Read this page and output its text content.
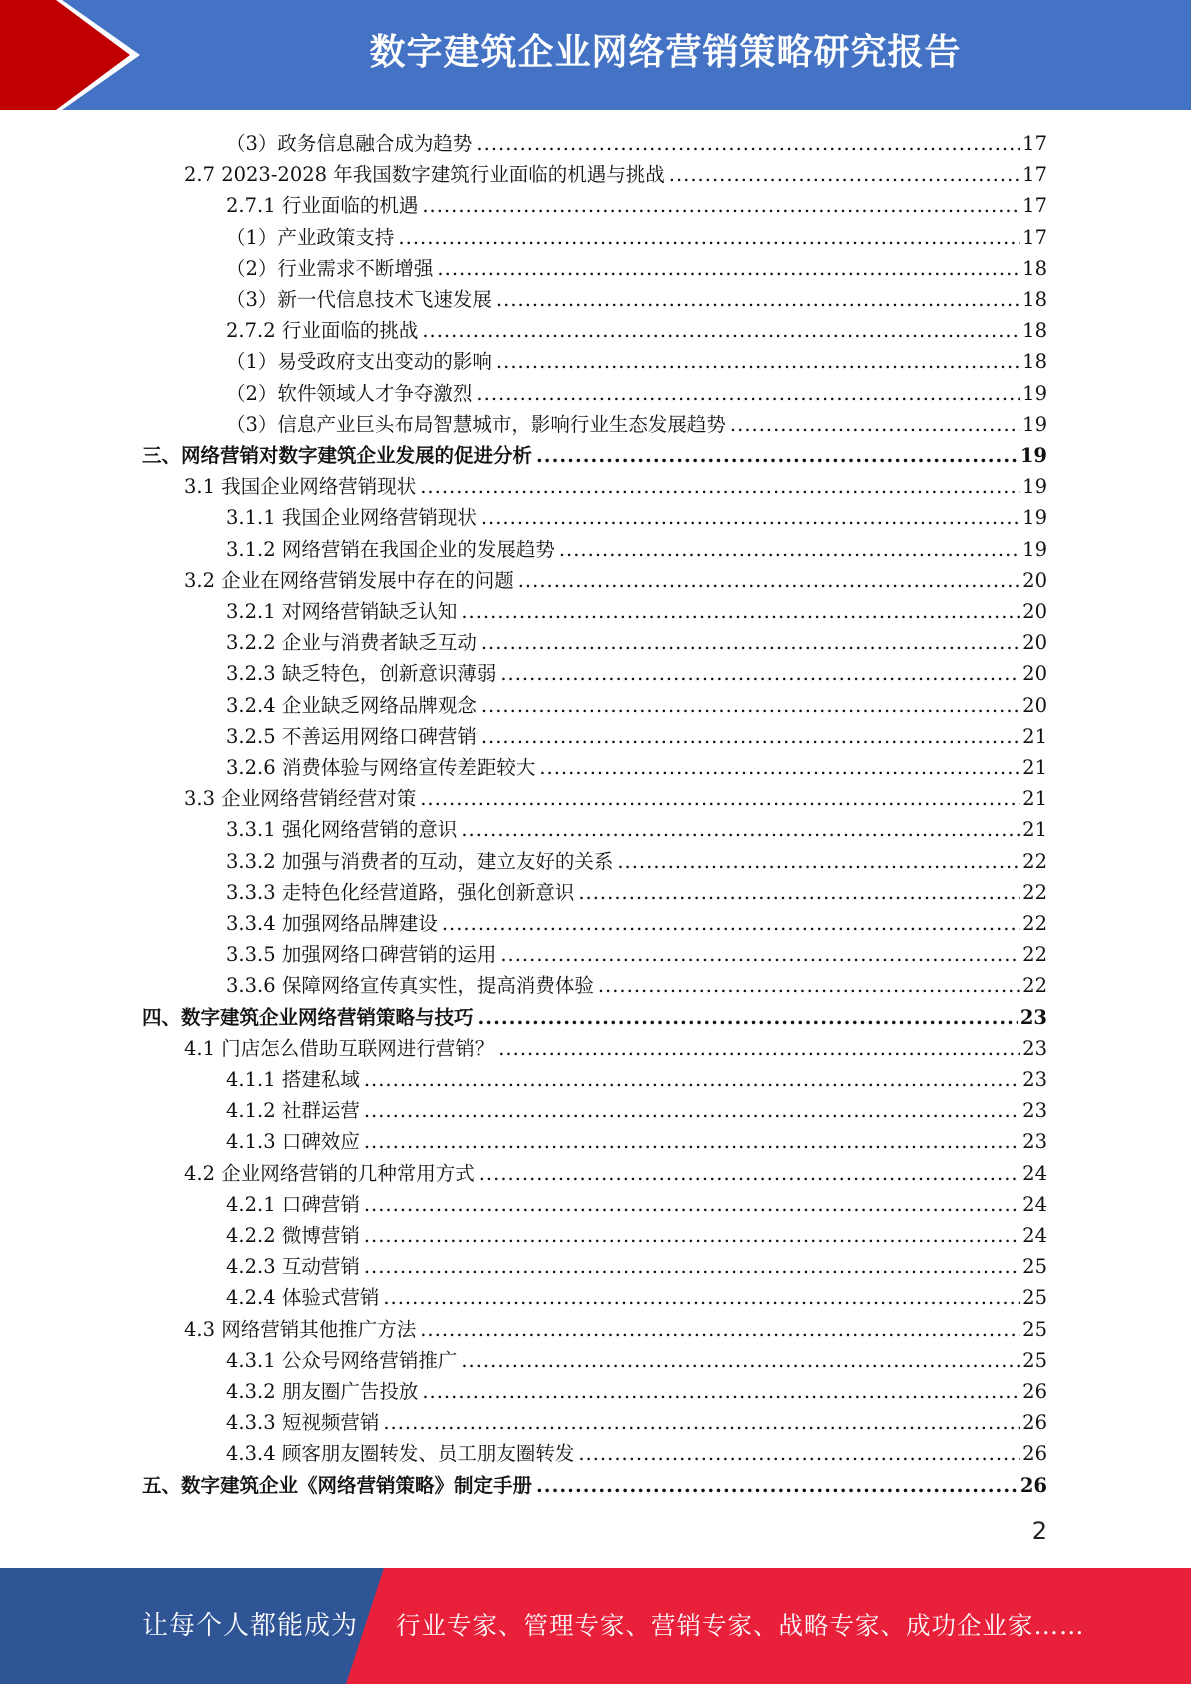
数字建筑企业网络营销策略研究报告
（3）政务信息融合成为趋势 .....	17
2.7 2023-2028 年我国数字建筑行业面临的机遇与挑战 .....	17
2.7.1 行业面临的机遇 .....	17
（1）产业政策支持 .....	17
（2）行业需求不断增强 .....	18
（3）新一代信息技术飞速发展 .....	18
2.7.2 行业面临的挑战 .....	18
（1）易受政府支出变动的影响 .....	18
（2）软件领域人才争夺激烈 .....	19
（3）信息产业巨头布局智慧城市，影响行业生态发展趋势 .....	19
三、网络营销对数字建筑企业发展的促进分析 .....	19
3.1 我国企业网络营销现状 .....	19
3.1.1 我国企业网络营销现状 .....	19
3.1.2 网络营销在我国企业的发展趋势 .....	19
3.2 企业在网络营销发展中存在的问题 .....	20
3.2.1 对网络营销缺乏认知 .....	20
3.2.2 企业与消费者缺乏互动 .....	20
3.2.3 缺乏特色，创新意识薄弱 .....	20
3.2.4 企业缺乏网络品牌观念 .....	20
3.2.5 不善运用网络口碑营销 .....	21
3.2.6 消费体验与网络宣传差距较大 .....	21
3.3 企业网络营销经营对策 .....	21
3.3.1 强化网络营销的意识 .....	21
3.3.2 加强与消费者的互动，建立友好的关系 .....	22
3.3.3 走特色化经营道路，强化创新意识 .....	22
3.3.4 加强网络品牌建设 .....	22
3.3.5 加强网络口碑营销的运用 .....	22
3.3.6 保障网络宣传真实性，提高消费体验 .....	22
四、数字建筑企业网络营销策略与技巧 .....	23
4.1 门店怎么借助互联网进行营销？ .....	23
4.1.1 搭建私域 .....	23
4.1.2 社群运营 .....	23
4.1.3 口碑效应 .....	23
4.2 企业网络营销的几种常用方式 .....	24
4.2.1 口碑营销 .....	24
4.2.2 微博营销 .....	24
4.2.3 互动营销 .....	25
4.2.4 体验式营销 .....	25
4.3 网络营销其他推广方法 .....	25
4.3.1 公众号网络营销推广 .....	25
4.3.2 朋友圈广告投放 .....	26
4.3.3 短视频营销 .....	26
4.3.4 顾客朋友圈转发、员工朋友圈转发 .....	26
五、数字建筑企业《网络营销策略》制定手册 .....	26
2
让每个人都能成为 行业专家、管理专家、营销专家、战略专家、成功企业家……
